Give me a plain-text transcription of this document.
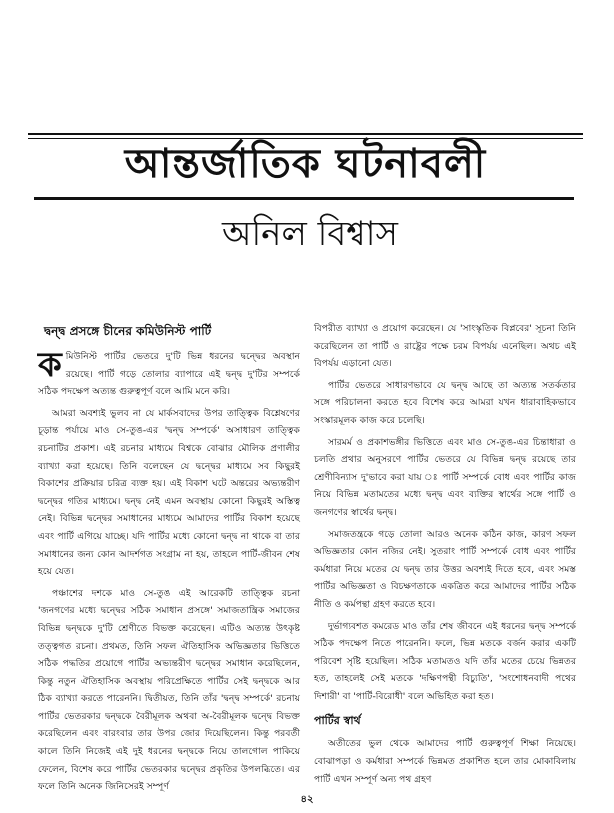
আন্তর্জাতিক ঘটনাবলী
অনিল বিশ্বাস
দ্বন্দ্ব প্রসঙ্গে চীনের কমিউনিস্ট পার্টি

কমিউনিস্ট পার্টির ভেতরে দু'টি ভিন্ন ধরনের দ্বন্দ্বের অবস্থান রয়েছে। পার্টি গড়ে তোলার ব্যাপারে এই দ্বন্দ্ব দু'টির সম্পর্কে সঠিক পদক্ষেপ অত্যন্ত গুরুত্বপূর্ণ বলে আমি মনে করি।

আমরা অবশ্যই ভুলব না যে মার্কসবাদের উপর তাত্ত্বিক বিশ্লেষণের চূড়ান্ত পর্যায়ে মাও সে-তুঙ-এর 'দ্বন্দ্ব সম্পর্কে' অসাধারণ তাত্ত্বিক রচনাটির প্রকাশ। এই রচনার মাধ্যমে বিশ্বকে বোঝার মৌলিক প্রণালীর ব্যাখ্যা করা হয়েছে। তিনি বলেছেন যে দ্বন্দ্বের মাধ্যমে সব কিছুরই বিকাশের প্রক্রিয়ার চরিত্র ব্যক্ত হয়। এই বিকাশ ঘটে অন্তরের অভ্যন্তরীণ দ্বন্দ্বের গতির মাধ্যমে। দ্বন্দ্ব নেই এমন অবস্থায় কোনো কিছুরই অস্তিত্ব নেই। বিভিন্ন দ্বন্দ্বের সমাধানের মাধ্যমে আমাদের পার্টির বিকাশ হয়েছে এবং পার্টি এগিয়ে যাচ্ছে। যদি পার্টির মধ্যে কোনো দ্বন্দ্ব না থাকে বা তার সমাধানের জন্য কোন আদর্শগত সংগ্রাম না হয়, তাহলে পার্টি-জীবন শেষ হয়ে যেত।

পঞ্চাশের দশকে মাও সে-তুঙ এই আরেকটি তাত্ত্বিক রচনা 'জনগণের মধ্যে দ্বন্দ্বের সঠিক সমাধান প্রসঙ্গে' সমাজতান্ত্রিক সমাজের বিভিন্ন দ্বন্দ্বকে দু'টি শ্রেণীতে বিভক্ত করেছেন। এটিও অত্যন্ত উৎকৃষ্ট তত্ত্বগত রচনা। প্রথমত, তিনি সফল ঐতিহাসিক অভিজ্ঞতার ভিত্তিতে সঠিক পদ্ধতির প্রয়োগে পার্টির অভ্যন্তরীণ দ্বন্দ্বের সমাধান করেছিলেন, কিন্তু নতুন ঐতিহাসিক অবস্থায় পরিপ্রেক্ষিতে পার্টির সেই দ্বন্দ্বকে আর ঠিক ব্যাখ্যা করতে পারেননি। দ্বিতীয়ত, তিনি তাঁর 'দ্বন্দ্ব সম্পর্কে' রচনায় পার্টির ভেতরকার দ্বন্দ্বকে বৈরীমূলক অথবা অ-বৈরীমূলক দ্বন্দ্বে বিভক্ত করেছিলেন এবং বারংবার তার উপর জোর দিয়েছিলেন। কিন্তু পরবর্তী কালে তিনি নিজেই এই দুই ধরনের দ্বন্দ্বকে নিয়ে তালগোল পাকিয়ে ফেলেন, বিশেষ করে পার্টির ভেতরকার দ্বন্দ্বের প্রকৃতির উপলব্ধিতে। এর ফলে তিনি অনেক জিনিসেরই সম্পূর্ণ

বিপরীত ব্যাখ্যা ও প্রয়োগ করেছেন। যে 'সাংস্কৃতিক বিপ্লবের' সূচনা তিনি করেছিলেন তা পার্টি ও রাষ্ট্রের পক্ষে চরম বিপর্যয় এনেছিল। অথচ এই বিপর্যয় এড়ানো যেত।

পার্টির ভেতরে সাধারণভাবে যে দ্বন্দ্ব আছে তা অত্যন্ত সতর্কতার সঙ্গে পরিচালনা করতে হবে বিশেষ করে আমরা যখন ধারাবাহিকভাবে সংস্কারমূলক কাজ করে চলেছি।

সারমর্ম ও প্রকাশভঙ্গীর ভিত্তিতে এবং মাও সে-তুঙ-এর চিন্তাধারা ও চলতি প্রথার অনুসরণে পার্টির ভেতরে যে বিভিন্ন দ্বন্দ্ব রয়েছে তার শ্রেণীবিন্যাস দু'ভাবে করা যায় ঃ পার্টি সম্পর্কে বোধ এবং পার্টির কাজ নিয়ে বিভিন্ন মতামতের মধ্যে দ্বন্দ্ব এবং ব্যক্তির স্বার্থের সঙ্গে পার্টি ও জনগণের স্বার্থের দ্বন্দ্ব।

সমাজতন্ত্রকে গড়ে তোলা আরও অনেক কঠিন কাজ, কারণ সফল অভিজ্ঞতার কোন নজির নেই। সুতরাং পার্টি সম্পর্কে বোধ এবং পার্টির কর্মধারা নিয়ে মতের যে দ্বন্দ্ব তার উত্তর অবশ্যই দিতে হবে, এবং সমস্ত পার্টির অভিজ্ঞতা ও বিচক্ষণতাকে একত্রিত করে আমাদের পার্টির সঠিক নীতি ও কর্মপন্থা গ্রহণ করতে হবে।

দুর্ভাগ্যবশত কমরেড মাও তাঁর শেষ জীবনে এই ধরনের দ্বন্দ্ব সম্পর্কে সঠিক পদক্ষেপ নিতে পারেননি। ফলে, ভিন্ন মতকে বর্জন করার একটি পরিবেশ সৃষ্টি হয়েছিল। সঠিক মতামতও যদি তাঁর মতের চেয়ে ভিন্নতর হত, তাহলেই সেই মতকে 'দক্ষিণপন্থী বিচ্যুতি', 'সংশোধনবাদী পথের দিশারী' বা 'পার্টি-বিরোধী' বলে অভিহিত করা হত।

পার্টির স্বার্থ

অতীতের ভুল থেকে আমাদের পার্টি গুরুত্বপূর্ণ শিক্ষা নিয়েছে। বোঝাপড়া ও কর্মধারা সম্পর্কে ভিন্নমত প্রকাশিত হলে তার মোকাবিলায় পার্টি এখন সম্পূর্ণ অন্য পথ গ্রহণ

৪২
